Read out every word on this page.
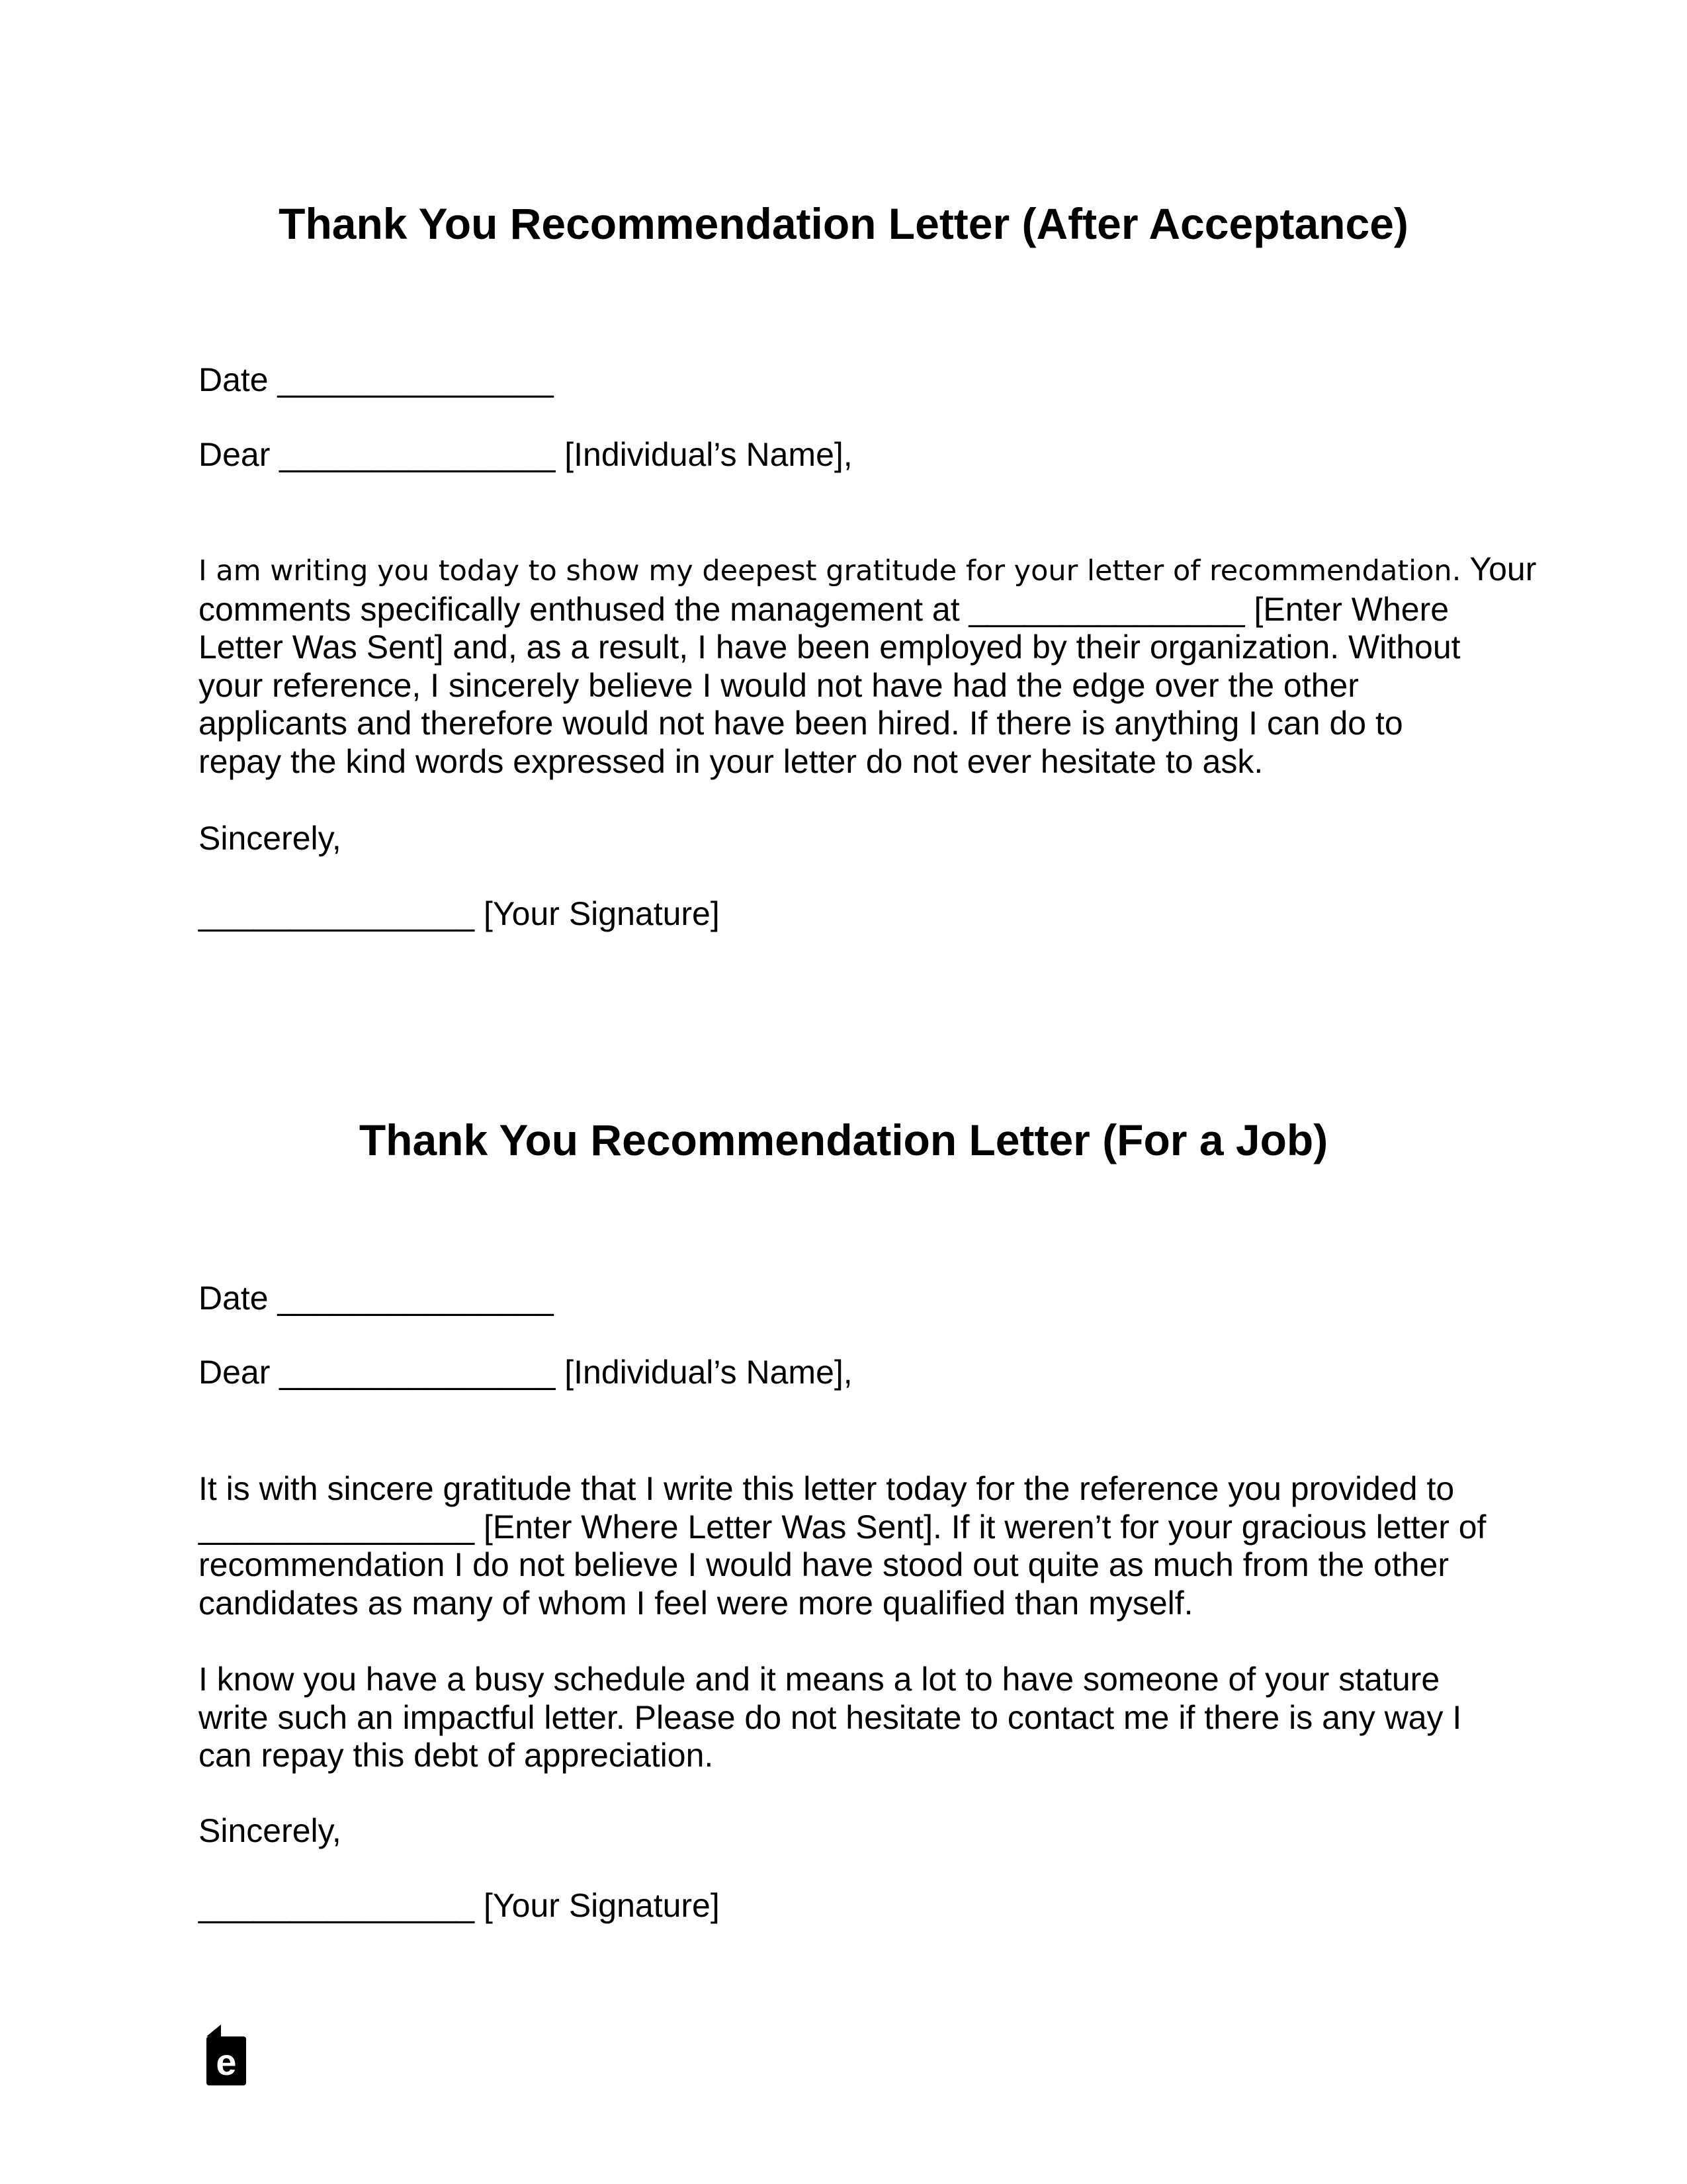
Thank You Recommendation Letter (After Acceptance)
Date _______________
Dear _______________ [Individual’s Name],
I am writing you today to show my deepest gratitude for your letter of recommendation. Your
comments specifically enthused the management at _______________ [Enter Where
Letter Was Sent] and, as a result, I have been employed by their organization. Without
your reference, I sincerely believe I would not have had the edge over the other
applicants and therefore would not have been hired. If there is anything I can do to
repay the kind words expressed in your letter do not ever hesitate to ask.
Sincerely,
_______________ [Your Signature]
Thank You Recommendation Letter (For a Job)
Date _______________
Dear _______________ [Individual’s Name],
It is with sincere gratitude that I write this letter today for the reference you provided to
_______________ [Enter Where Letter Was Sent]. If it weren’t for your gracious letter of
recommendation I do not believe I would have stood out quite as much from the other
candidates as many of whom I feel were more qualified than myself.
I know you have a busy schedule and it means a lot to have someone of your stature
write such an impactful letter. Please do not hesitate to contact me if there is any way I
can repay this debt of appreciation.
Sincerely,
_______________ [Your Signature]
e
